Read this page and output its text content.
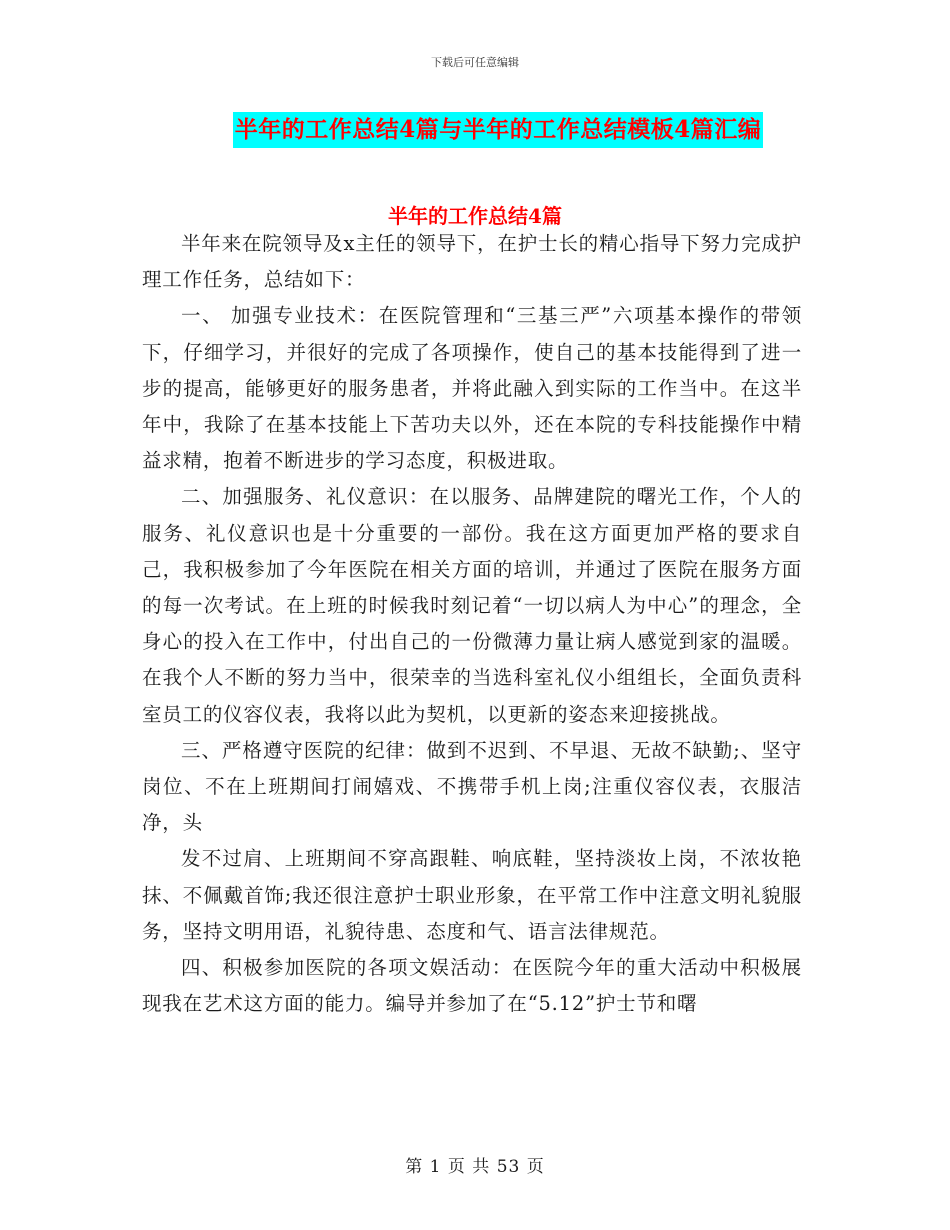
下载后可任意编辑
半年的工作总结4篇与半年的工作总结模板4篇汇编
半年的工作总结4篇

半年来在院领导及x主任的领导下，在护士长的精心指导下努力完成护理工作任务，总结如下：

一、 加强专业技术：在医院管理和“三基三严”六项基本操作的带领下，仔细学习，并很好的完成了各项操作，使自己的基本技能得到了进一步的提高，能够更好的服务患者，并将此融入到实际的工作当中。在这半年中，我除了在基本技能上下苦功夫以外，还在本院的专科技能操作中精益求精，抱着不断进步的学习态度，积极进取。

二、加强服务、礼仪意识：在以服务、品牌建院的曙光工作，个人的服务、礼仪意识也是十分重要的一部份。我在这方面更加严格的要求自己，我积极参加了今年医院在相关方面的培训，并通过了医院在服务方面的每一次考试。在上班的时候我时刻记着“一切以病人为中心”的理念，全身心的投入在工作中，付出自己的一份微薄力量让病人感觉到家的温暖。在我个人不断的努力当中，很荣幸的当选科室礼仪小组组长，全面负责科室员工的仪容仪表，我将以此为契机，以更新的姿态来迎接挑战。

三、严格遵守医院的纪律：做到不迟到、不早退、无故不缺勤;、坚守岗位、不在上班期间打闹嬉戏、不携带手机上岗;注重仪容仪表，衣服洁净，头

发不过肩、上班期间不穿高跟鞋、响底鞋，坚持淡妆上岗，不浓妆艳抹、不佩戴首饰;我还很注意护士职业形象，在平常工作中注意文明礼貌服务，坚持文明用语，礼貌待患、态度和气、语言法律规范。

四、积极参加医院的各项文娱活动：在医院今年的重大活动中积极展现我在艺术这方面的能力。编导并参加了在“5.12”护士节和曙

第 1 页 共 53 页
